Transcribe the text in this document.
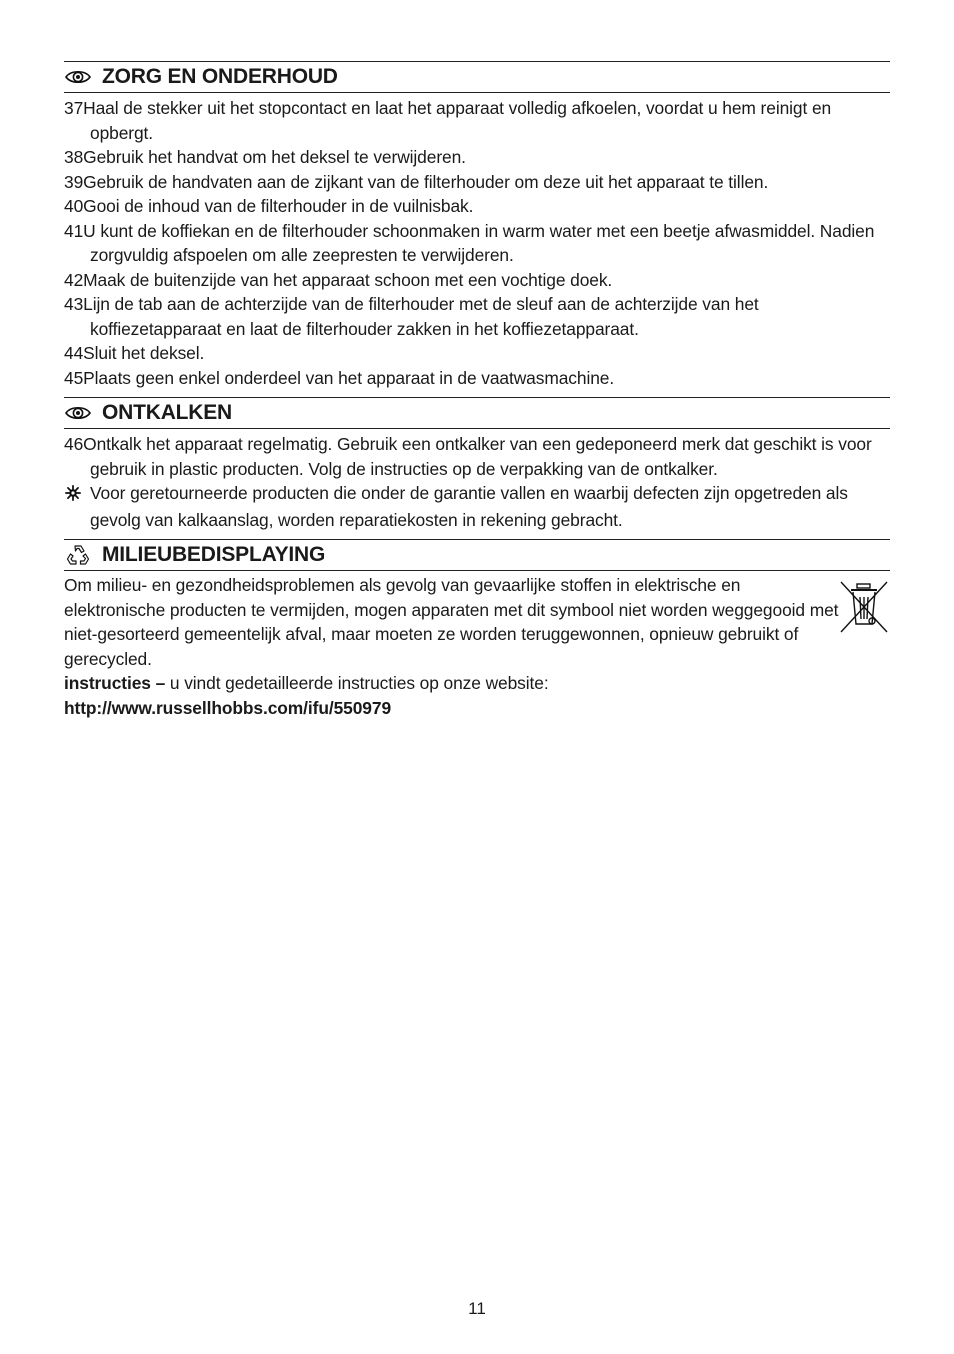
ZORG EN ONDERHOUD
37Haal de stekker uit het stopcontact en laat het apparaat volledig afkoelen, voordat u hem reinigt en opbergt.
38Gebruik het handvat om het deksel te verwijderen.
39Gebruik de handvaten aan de zijkant van de filterhouder om deze uit het apparaat te tillen.
40Gooi de inhoud van de filterhouder in de vuilnisbak.
41U kunt de koffiekan en de filterhouder schoonmaken in warm water met een beetje afwasmiddel. Nadien zorgvuldig afspoelen om alle zeepresten te verwijderen.
42Maak de buitenzijde van het apparaat schoon met een vochtige doek.
43Lijn de tab aan de achterzijde van de filterhouder met de sleuf aan de achterzijde van het koffiezetapparaat en laat de filterhouder zakken in het koffiezetapparaat.
44Sluit het deksel.
45Plaats geen enkel onderdeel van het apparaat in de vaatwasmachine.
ONTKALKEN
46Ontkalk het apparaat regelmatig. Gebruik een ontkalker van een gedeponeerd merk dat geschikt is voor gebruik in plastic producten. Volg de instructies op de verpakking van de ontkalker.
Voor geretourneerde producten die onder de garantie vallen en waarbij defecten zijn opgetreden als gevolg van kalkaanslag, worden reparatiekosten in rekening gebracht.
MILIEUBEDISPLAYING

Om milieu- en gezondheidsproblemen als gevolg van gevaarlijke stoffen in elektrische en elektronische producten te vermijden, mogen apparaten met dit symbool niet worden weggegooid met niet-gesorteerd gemeentelijk afval, maar moeten ze worden teruggewonnen, opnieuw gebruikt of gerecycled.

instructies – u vindt gedetailleerde instructies op onze website:

http://www.russellhobbs.com/ifu/550979

11
